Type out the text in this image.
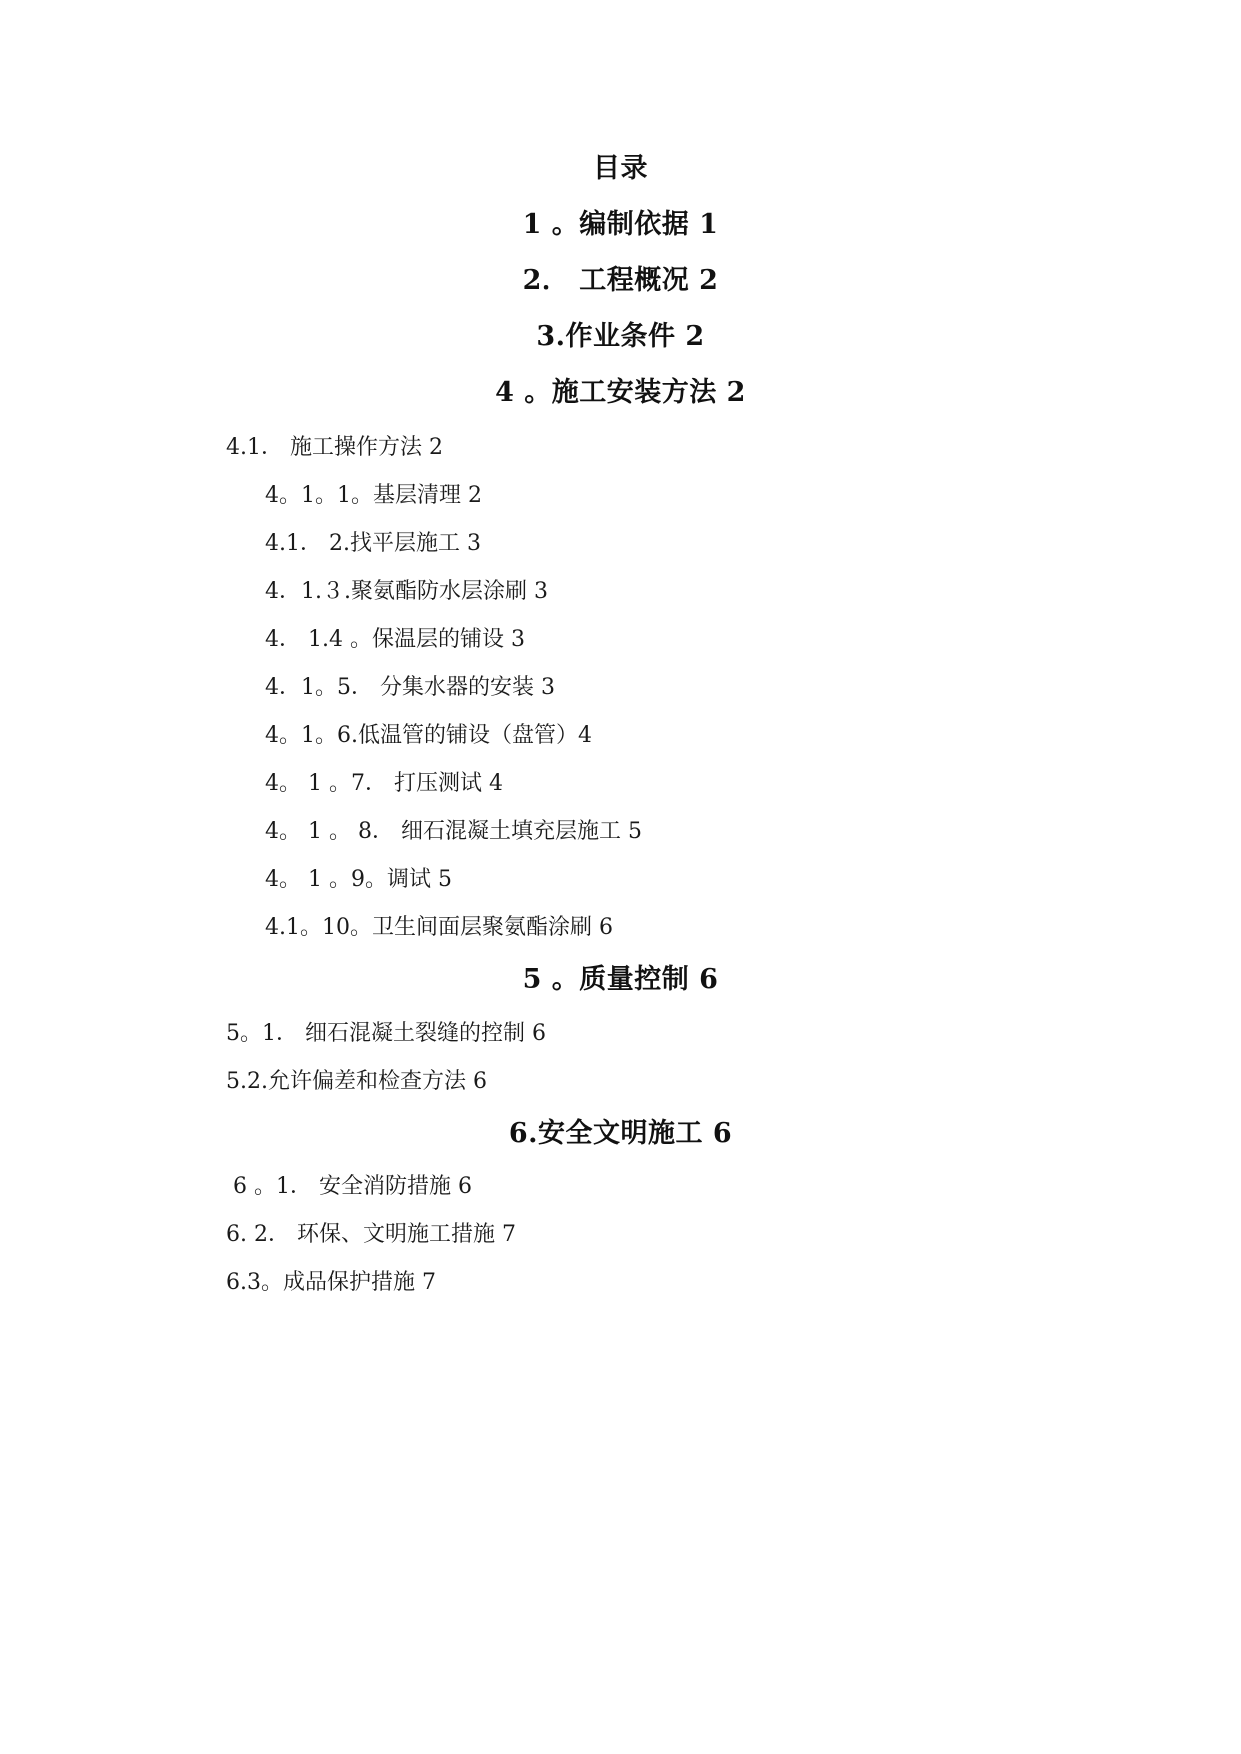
目录
1 。编制依据 1
2． 工程概况 2
3.作业条件 2
4 。施工安装方法 2
4.1． 施工操作方法 2
4。1。1。基层清理 2
4.1． 2.找平层施工 3
4．1.３.聚氨酯防水层涂刷 3
4． 1.4 。保温层的铺设 3
4．1。5． 分集水器的安装 3
4。1。6.低温管的铺设（盘管）4
4。 1 。7． 打压测试 4
4。 1 。 8． 细石混凝土填充层施工 5
4。 1 。9。调试 5
4.1。10。卫生间面层聚氨酯涂刷 6
5 。质量控制 6
5。1． 细石混凝土裂缝的控制 6
5.2.允许偏差和检查方法 6
6.安全文明施工 6
6 。1． 安全消防措施 6
6. 2． 环保、文明施工措施 7
6.3。成品保护措施 7
